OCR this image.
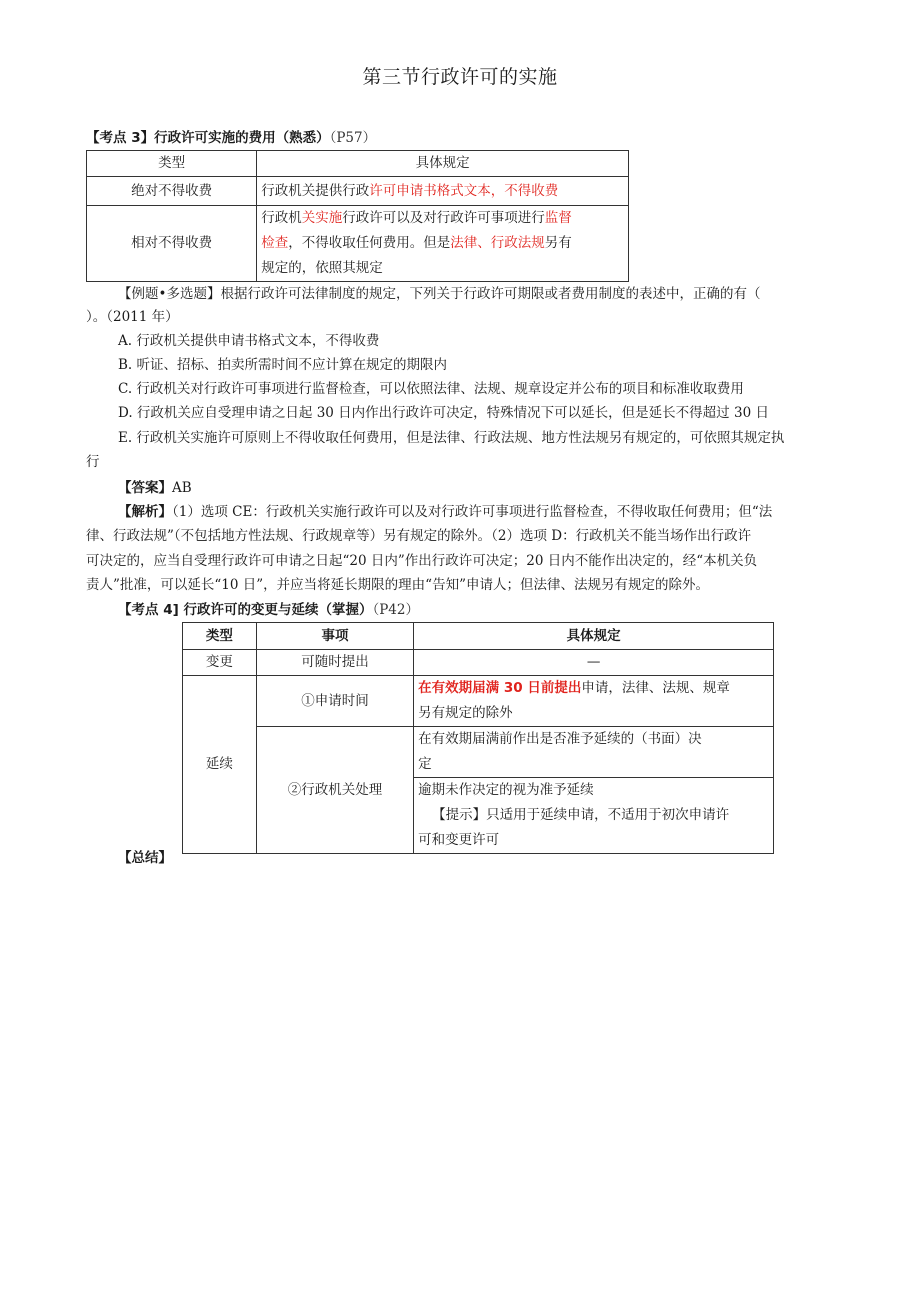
第三节行政许可的实施
【考点 3】行政许可实施的费用（熟悉）（P57）
类型	具体规定
绝对不得收费	行政机关提供行政许可申请书格式文本，不得收费
相对不得收费	行政机关实施行政许可以及对行政许可事项进行监督
检查，不得收取任何费用。但是法律、行政法规另有
规定的，依照其规定
【例题•多选题】根据行政许可法律制度的规定，下列关于行政许可期限或者费用制度的表述中，正确的有（
）。（2011 年）
A. 行政机关提供申请书格式文本，不得收费
B. 听证、招标、拍卖所需时间不应计算在规定的期限内
C. 行政机关对行政许可事项进行监督检查，可以依照法律、法规、规章设定并公布的项目和标准收取费用
D. 行政机关应自受理申请之日起 30 日内作出行政许可决定，特殊情况下可以延长，但是延长不得超过 30 日
E. 行政机关实施许可原则上不得收取任何费用，但是法律、行政法规、地方性法规另有规定的，可依照其规定执
行
【答案】AB
【解析】（1）选项 CE：行政机关实施行政许可以及对行政许可事项进行监督检查，不得收取任何费用；但“法
律、行政法规”（不包括地方性法规、行政规章等）另有规定的除外。（2）选项 D：行政机关不能当场作出行政许
可决定的，应当自受理行政许可申请之日起“20 日内”作出行政许可决定；20 日内不能作出决定的，经“本机关负
责人”批准，可以延长“10 日”，并应当将延长期限的理由“告知”申请人；但法律、法规另有规定的除外。
【考点 4] 行政许可的变更与延续（掌握）（P42）
类型	事项	具体规定
变更	可随时提出	—
延续	①申请时间	在有效期届满 30 日前提出申请，法律、法规、规章
另有规定的除外

	②行政机关处理	在有效期届满前作出是否准予延续的（书面）决
定

		逾期未作决定的视为准予延续
【提示】只适用于延续申请，不适用于初次申请许
可和变更许可
【总结】
